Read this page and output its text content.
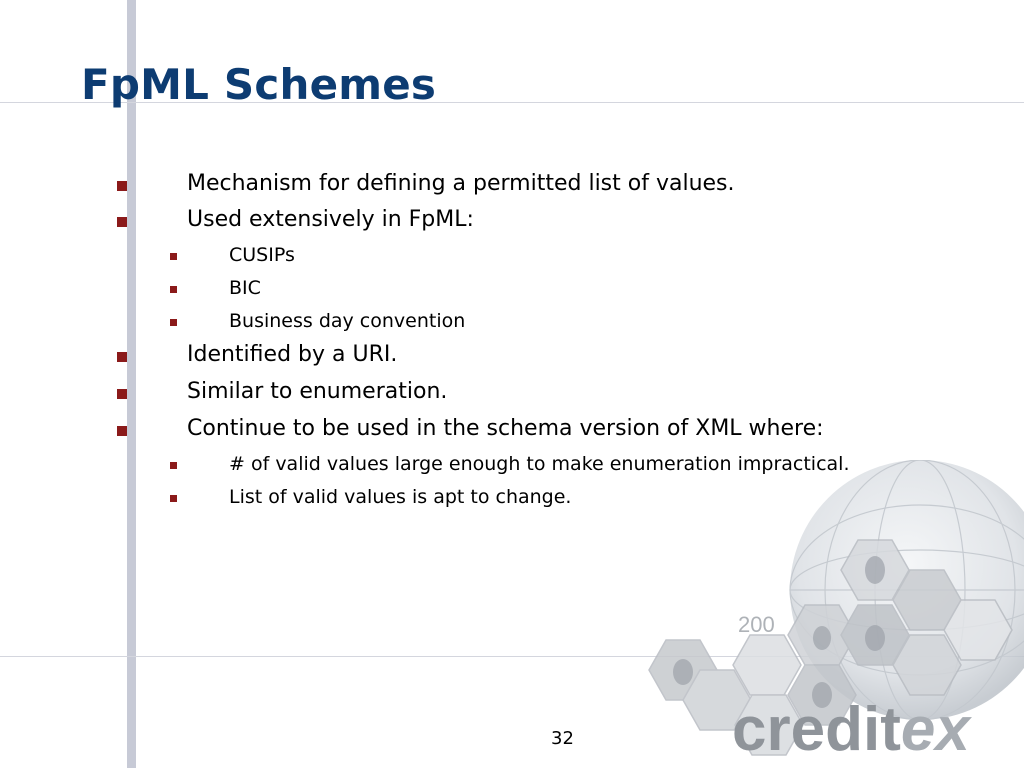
FpML Schemes
Mechanism for defining a permitted list of values.
Used extensively in FpML:
CUSIPs
BIC
Business day convention
Identified by a URI.
Similar to enumeration.
Continue to be used in the schema version of XML where:
# of valid values large enough to make enumeration impractical.
List of valid values is apt to change.
200
creditex
32
